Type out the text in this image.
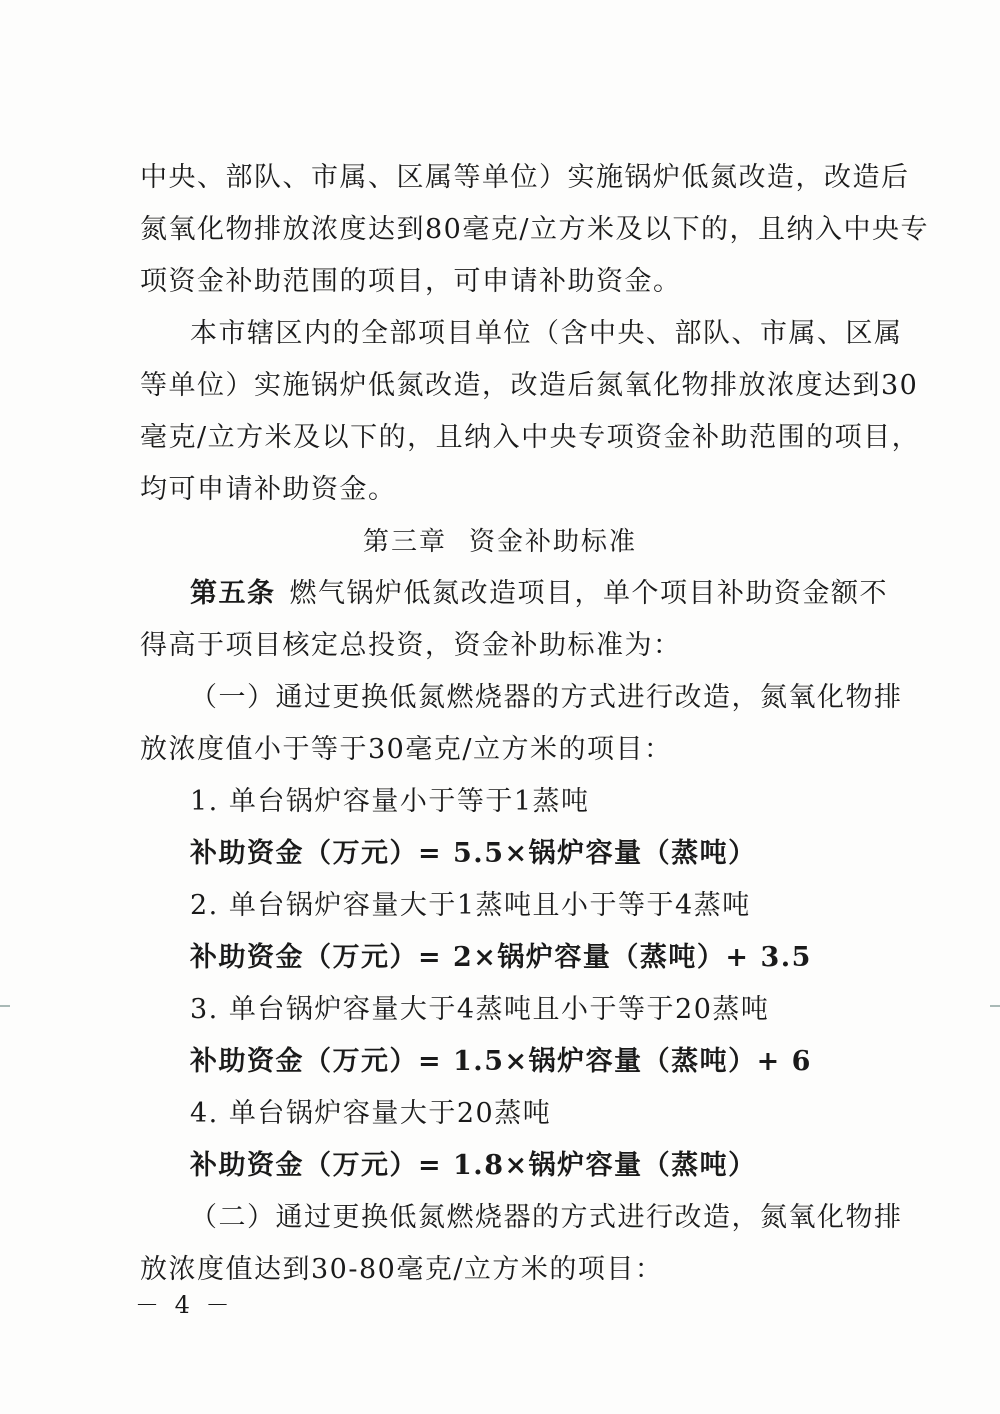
中央、部队、市属、区属等单位）实施锅炉低氮改造，改造后
氮氧化物排放浓度达到80毫克/立方米及以下的，且纳入中央专
项资金补助范围的项目，可申请补助资金。
本市辖区内的全部项目单位（含中央、部队、市属、区属
等单位）实施锅炉低氮改造，改造后氮氧化物排放浓度达到30
毫克/立方米及以下的，且纳入中央专项资金补助范围的项目，
均可申请补助资金。
第三章 资金补助标准
第五条 燃气锅炉低氮改造项目，单个项目补助资金额不
得高于项目核定总投资，资金补助标准为：
（一）通过更换低氮燃烧器的方式进行改造，氮氧化物排
放浓度值小于等于30毫克/立方米的项目：
1. 单台锅炉容量小于等于1蒸吨
补助资金（万元）= 5.5×锅炉容量（蒸吨）
2. 单台锅炉容量大于1蒸吨且小于等于4蒸吨
补助资金（万元）= 2×锅炉容量（蒸吨）+ 3.5
3. 单台锅炉容量大于4蒸吨且小于等于20蒸吨
补助资金（万元）= 1.5×锅炉容量（蒸吨）+ 6
4. 单台锅炉容量大于20蒸吨
补助资金（万元）= 1.8×锅炉容量（蒸吨）
（二）通过更换低氮燃烧器的方式进行改造，氮氧化物排
放浓度值达到30-80毫克/立方米的项目：
－ 4 －
